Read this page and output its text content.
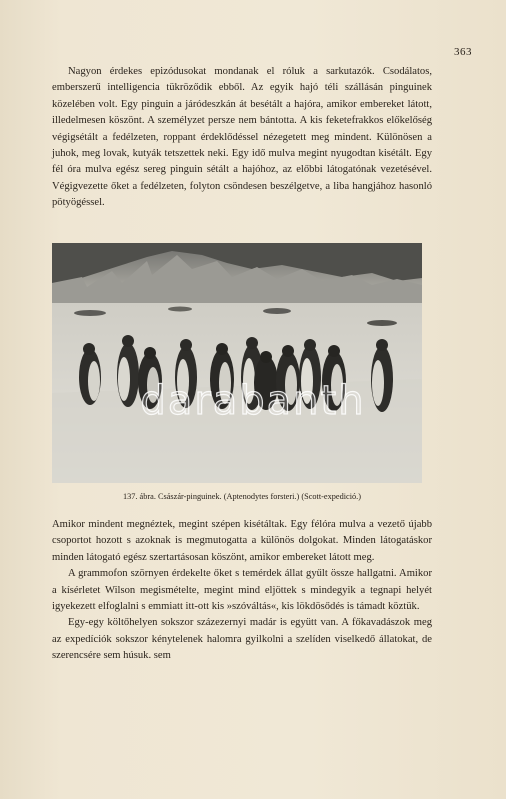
363

Nagyon érdekes epizódusokat mondanak el róluk a sarkutazók. Csodálatos, emberszerű intelligencia tükröződik ebből. Az egyik hajó téli szállásán pinguinek közelében volt. Egy pinguin a járódeszkán át besétált a hajóra, amikor embereket látott, illedelmesen köszönt. A személyzet persze nem bántotta. A kis feketefrakkos előkelőség végigsétált a fedélzeten, roppant érdeklődéssel nézegetett meg mindent. Különösen a juhok, meg lovak, kutyák tetszettek neki. Egy idő mulva megint nyugodtan kisétált. Egy fél óra mulva egész sereg pinguin sétált a hajóhoz, az előbbi látogatónak vezetésével. Végigvezette őket a fedélzeten, folyton csöndesen beszélgetve, a liba hangjához hasonló pötyögéssel.

137. ábra. Császár-pinguinek. (Aptenodytes forsteri.) (Scott-expedició.)

Amikor mindent megnéztek, megint szépen kisétáltak. Egy félóra mulva a vezető újabb csoportot hozott s azoknak is megmutogatta a különös dolgokat. Minden látogatáskor minden látogató egész szertartásosan köszönt, amikor embereket látott meg.

A grammofon szörnyen érdekelte őket s temérdek állat gyűlt össze hallgatni. Amikor a kísérletet Wilson megismételte, megint mind eljöttek s mindegyik a tegnapi helyét igyekezett elfoglalni s emmiatt itt-ott kis »szóváltás«, kis lökdösődés is támadt köztük.

Egy-egy költőhelyen sokszor százezernyi madár is együtt van. A főkavadászok meg az expedíciók sokszor kénytelenek halomra gyilkolni a szelíden viselkedő állatokat, de szerencsére sem húsuk. sem
